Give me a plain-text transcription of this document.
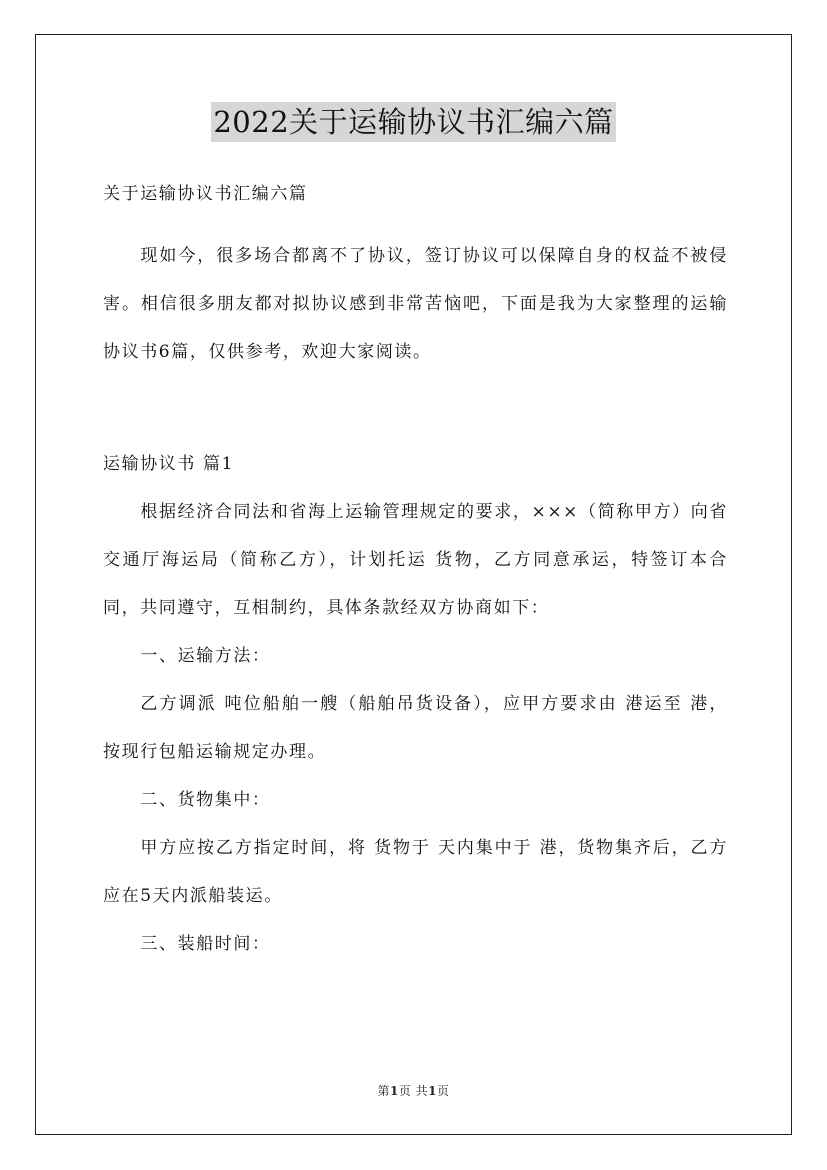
2022关于运输协议书汇编六篇

关于运输协议书汇编六篇

现如今，很多场合都离不了协议，签订协议可以保障自身的权益不被侵害。相信很多朋友都对拟协议感到非常苦恼吧，下面是我为大家整理的运输协议书6篇，仅供参考，欢迎大家阅读。

运输协议书 篇1

根据经济合同法和省海上运输管理规定的要求，×××（简称甲方）向省交通厅海运局（简称乙方），计划托运 货物，乙方同意承运，特签订本合同，共同遵守，互相制约，具体条款经双方协商如下：

一、运输方法：

乙方调派 吨位船舶一艘（船舶吊货设备），应甲方要求由 港运至 港，按现行包船运输规定办理。

二、货物集中：

甲方应按乙方指定时间，将 货物于 天内集中于 港，货物集齐后，乙方应在5天内派船装运。

三、装船时间：

第1页 共1页
